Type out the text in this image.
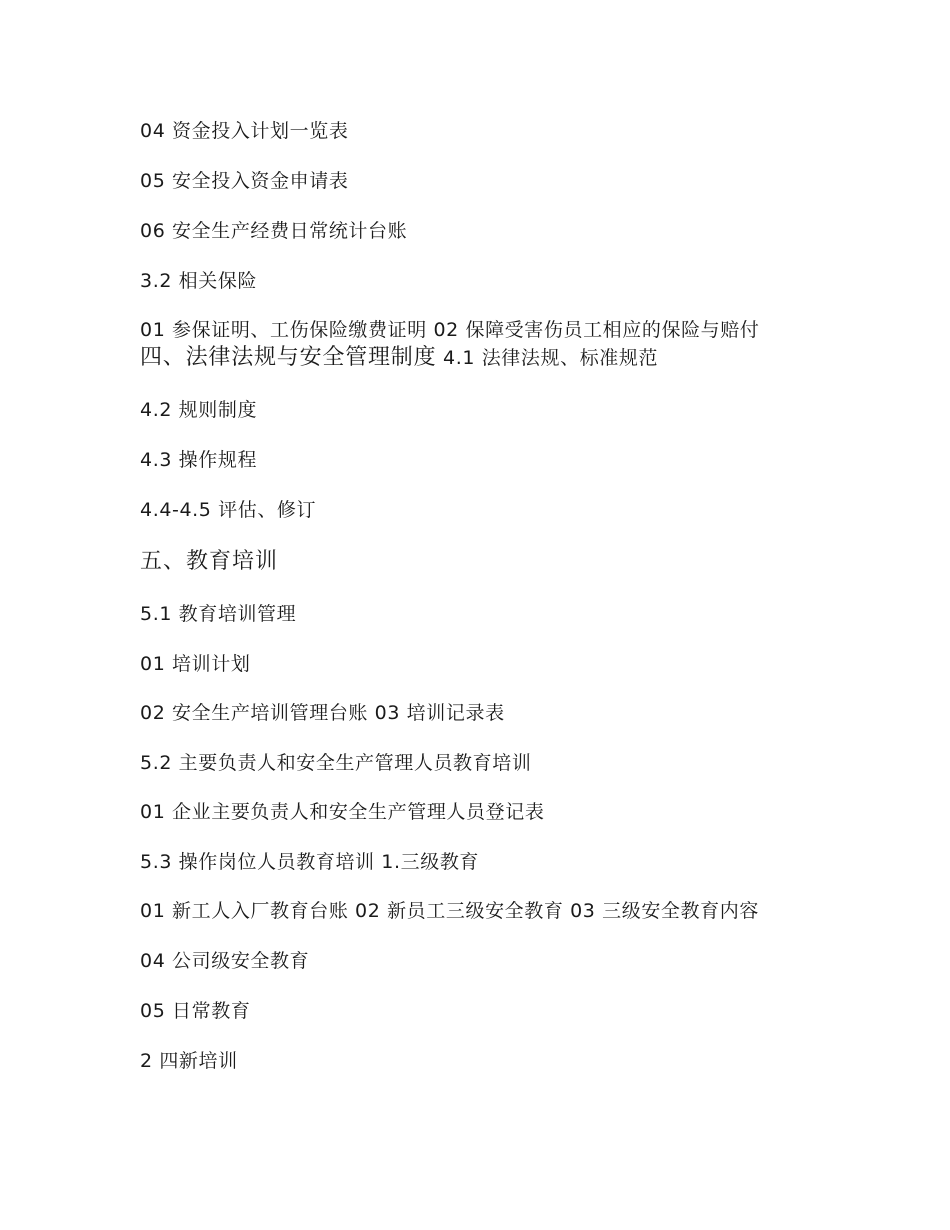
04 资金投入计划一览表
05 安全投入资金申请表
06 安全生产经费日常统计台账
3.2 相关保险
01 参保证明、工伤保险缴费证明 02 保障受害伤员工相应的保险与赔付
四、法律法规与安全管理制度 4.1 法律法规、标准规范
4.2 规则制度
4.3 操作规程
4.4-4.5 评估、修订
五、教育培训
5.1 教育培训管理
01 培训计划
02 安全生产培训管理台账 03 培训记录表
5.2 主要负责人和安全生产管理人员教育培训
01 企业主要负责人和安全生产管理人员登记表
5.3 操作岗位人员教育培训 1.三级教育
01 新工人入厂教育台账 02 新员工三级安全教育 03 三级安全教育内容
04 公司级安全教育
05 日常教育
2 四新培训
